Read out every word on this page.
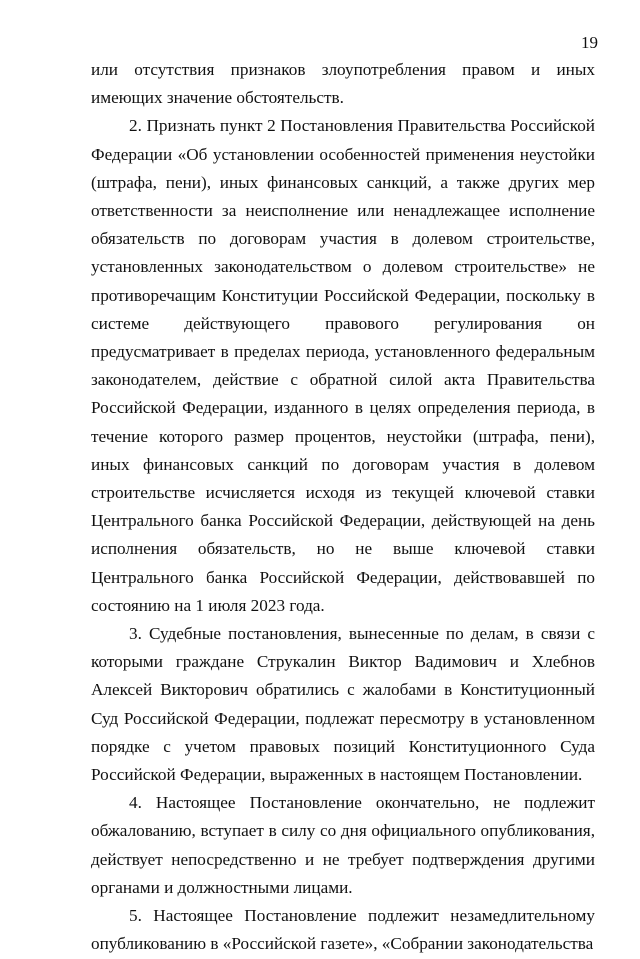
19

или отсутствия признаков злоупотребления правом и иных имеющих значение обстоятельств.

2. Признать пункт 2 Постановления Правительства Российской Федерации «Об установлении особенностей применения неустойки (штрафа, пени), иных финансовых санкций, а также других мер ответственности за неисполнение или ненадлежащее исполнение обязательств по договорам участия в долевом строительстве, установленных законодательством о долевом строительстве» не противоречащим Конституции Российской Федерации, поскольку в системе действующего правового регулирования он предусматривает в пределах периода, установленного федеральным законодателем, действие с обратной силой акта Правительства Российской Федерации, изданного в целях определения периода, в течение которого размер процентов, неустойки (штрафа, пени), иных финансовых санкций по договорам участия в долевом строительстве исчисляется исходя из текущей ключевой ставки Центрального банка Российской Федерации, действующей на день исполнения обязательств, но не выше ключевой ставки Центрального банка Российской Федерации, действовавшей по состоянию на 1 июля 2023 года.

3. Судебные постановления, вынесенные по делам, в связи с которыми граждане Струкалин Виктор Вадимович и Хлебнов Алексей Викторович обратились с жалобами в Конституционный Суд Российской Федерации, подлежат пересмотру в установленном порядке с учетом правовых позиций Конституционного Суда Российской Федерации, выраженных в настоящем Постановлении.

4. Настоящее Постановление окончательно, не подлежит обжалованию, вступает в силу со дня официального опубликования, действует непосредственно и не требует подтверждения другими органами и должностными лицами.

5. Настоящее Постановление подлежит незамедлительному опубликованию в «Российской газете», «Собрании законодательства
